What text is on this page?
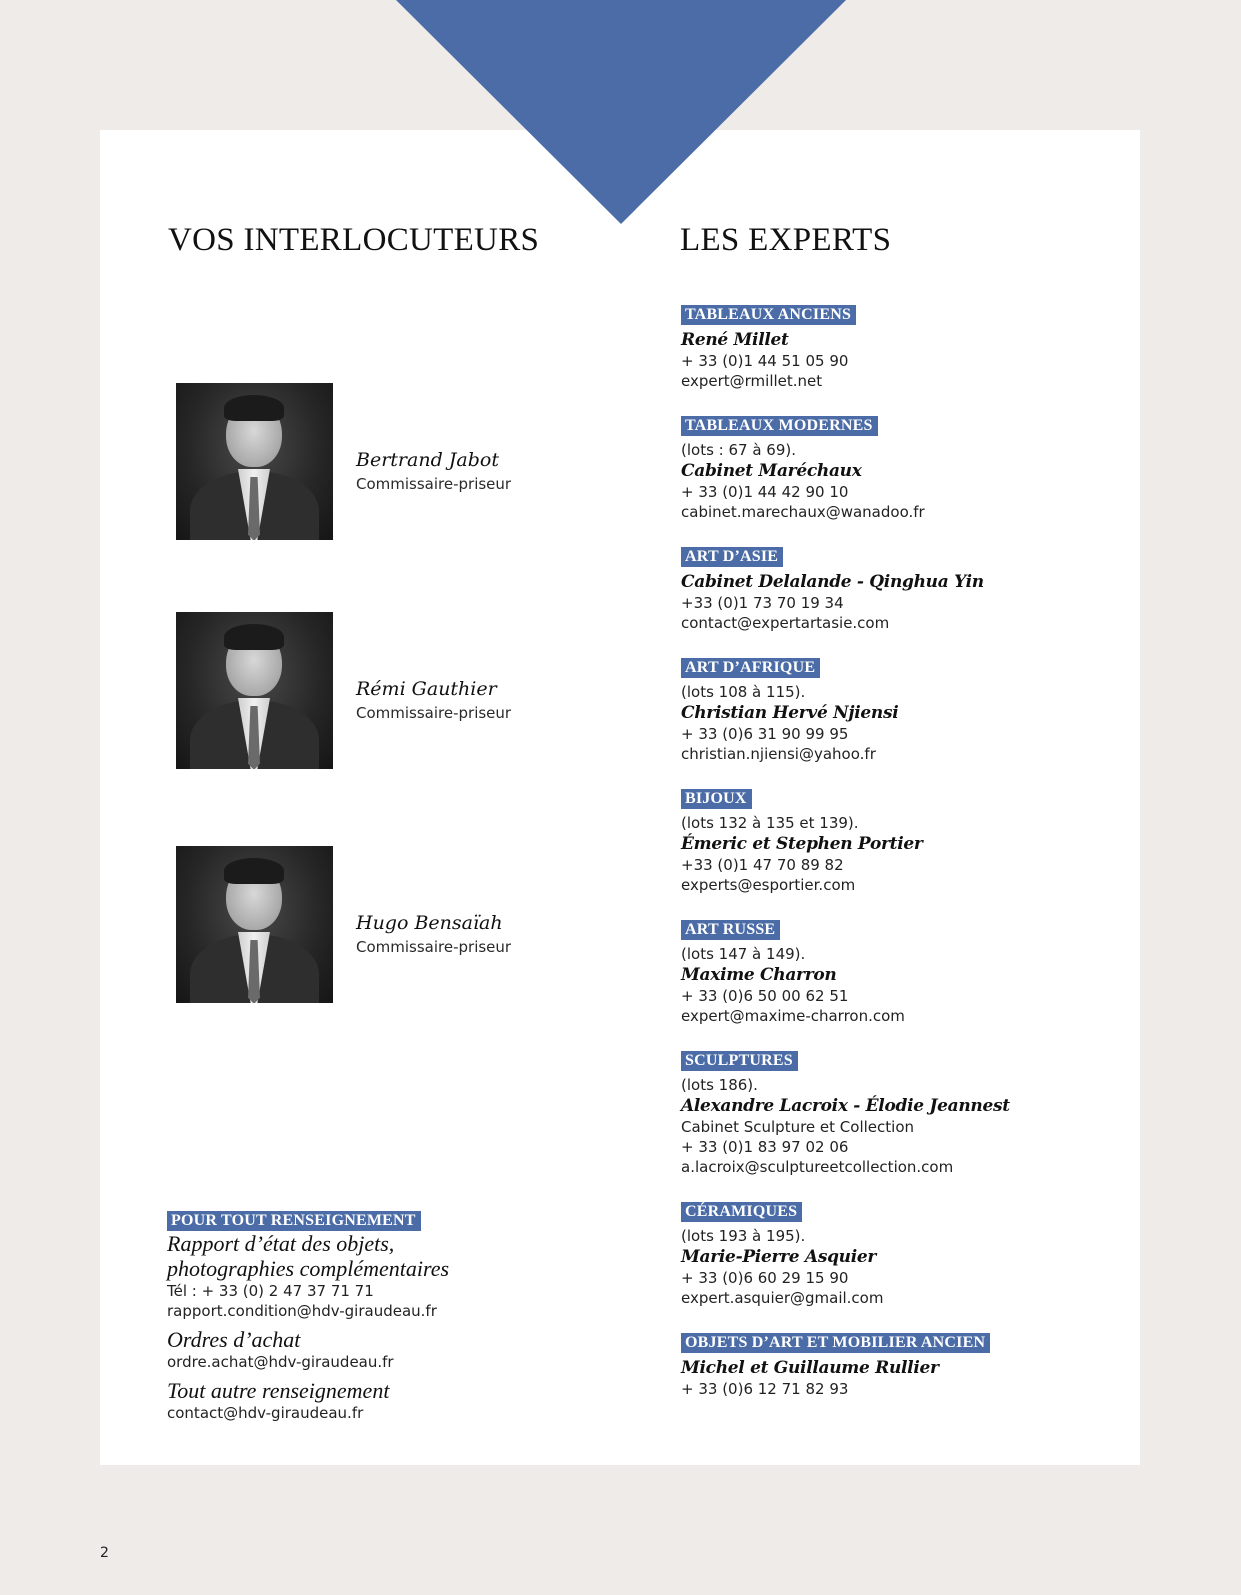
VOS INTERLOCUTEURS	LES EXPERTS
Bertrand Jabot
Commissaire-priseur
Rémi Gauthier
Commissaire-priseur
Hugo Bensaïah
Commissaire-priseur
TABLEAUX ANCIENS
René Millet
+ 33 (0)1 44 51 05 90
expert@rmillet.net
TABLEAUX MODERNES
(lots : 67 à 69).
Cabinet Maréchaux
+ 33 (0)1 44 42 90 10
cabinet.marechaux@wanadoo.fr
ART D’ASIE
Cabinet Delalande - Qinghua Yin
+33 (0)1 73 70 19 34
contact@expertartasie.com
ART D’AFRIQUE
(lots 108 à 115).
Christian Hervé Njiensi
+ 33 (0)6 31 90 99 95
christian.njiensi@yahoo.fr
BIJOUX
(lots 132 à 135 et 139).
Émeric et Stephen Portier
+33 (0)1 47 70 89 82
experts@esportier.com
ART RUSSE
(lots 147 à 149).
Maxime Charron
+ 33 (0)6 50 00 62 51
expert@maxime-charron.com
SCULPTURES
(lots 186).
Alexandre Lacroix - Élodie Jeannest
Cabinet Sculpture et Collection
+ 33 (0)1 83 97 02 06
a.lacroix@sculptureetcollection.com
CÉRAMIQUES
(lots 193 à 195).
Marie-Pierre Asquier
+ 33 (0)6 60 29 15 90
expert.asquier@gmail.com
OBJETS D’ART ET MOBILIER ANCIEN
Michel et Guillaume Rullier
+ 33 (0)6 12 71 82 93
POUR TOUT RENSEIGNEMENT
Rapport d’état des objets,
photographies complémentaires
Tél : + 33 (0) 2 47 37 71 71
rapport.condition@hdv-giraudeau.fr
Ordres d’achat
ordre.achat@hdv-giraudeau.fr
Tout autre renseignement
contact@hdv-giraudeau.fr
2
